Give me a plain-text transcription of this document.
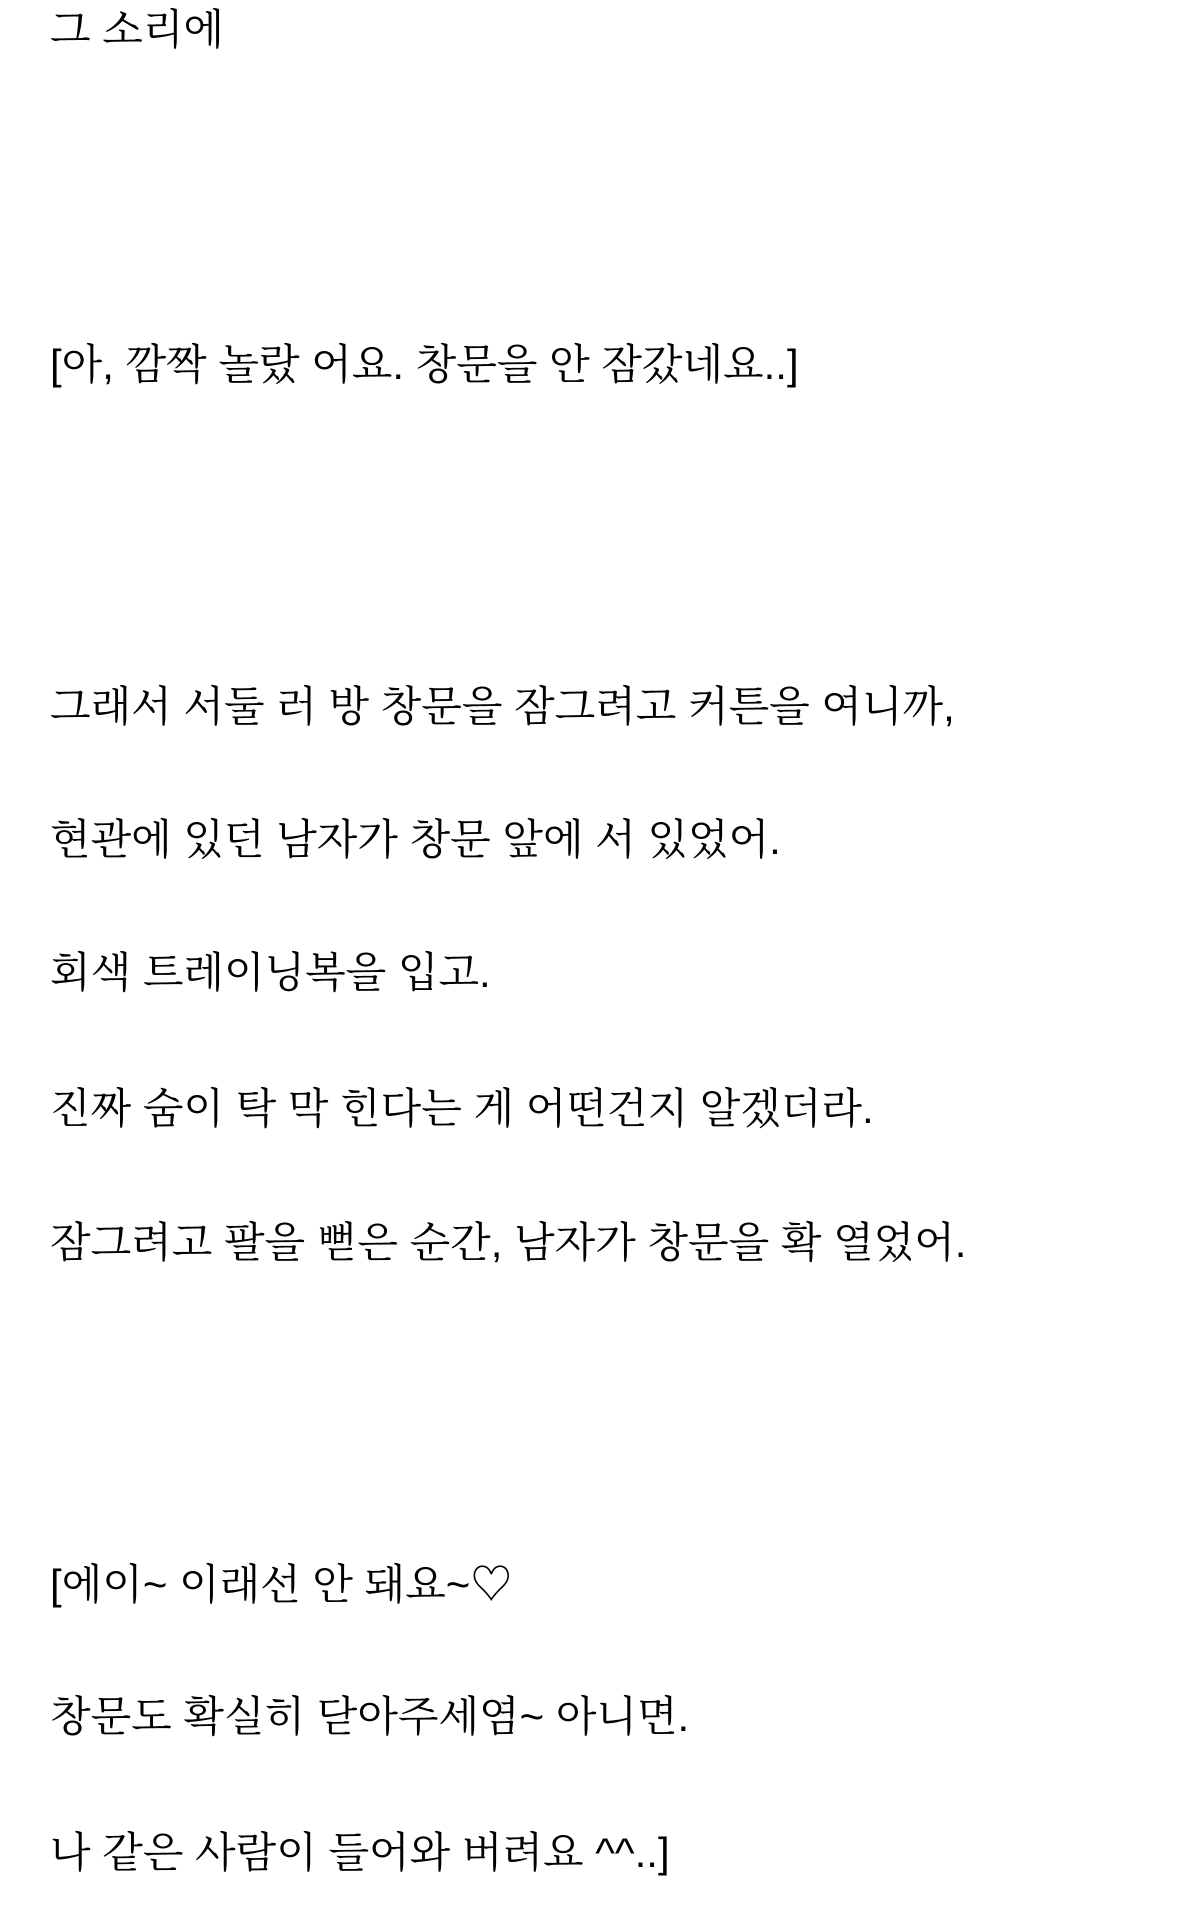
그 소리에

[아, 깜짝 놀랐 어요. 창문을 안 잠갔네요..]

그래서 서둘 러 방 창문을 잠그려고 커튼을 여니까,

현관에 있던 남자가 창문 앞에 서 있었어.

회색 트레이닝복을 입고.

진짜 숨이 탁 막 힌다는 게 어떤건지 알겠더라.

잠그려고 팔을 뻗은 순간, 남자가 창문을 확 열었어.

[에이~ 이래선 안 돼요~♡

창문도 확실히 닫아주세염~ 아니면.

나 같은 사람이 들어와 버려요 ^^..]
